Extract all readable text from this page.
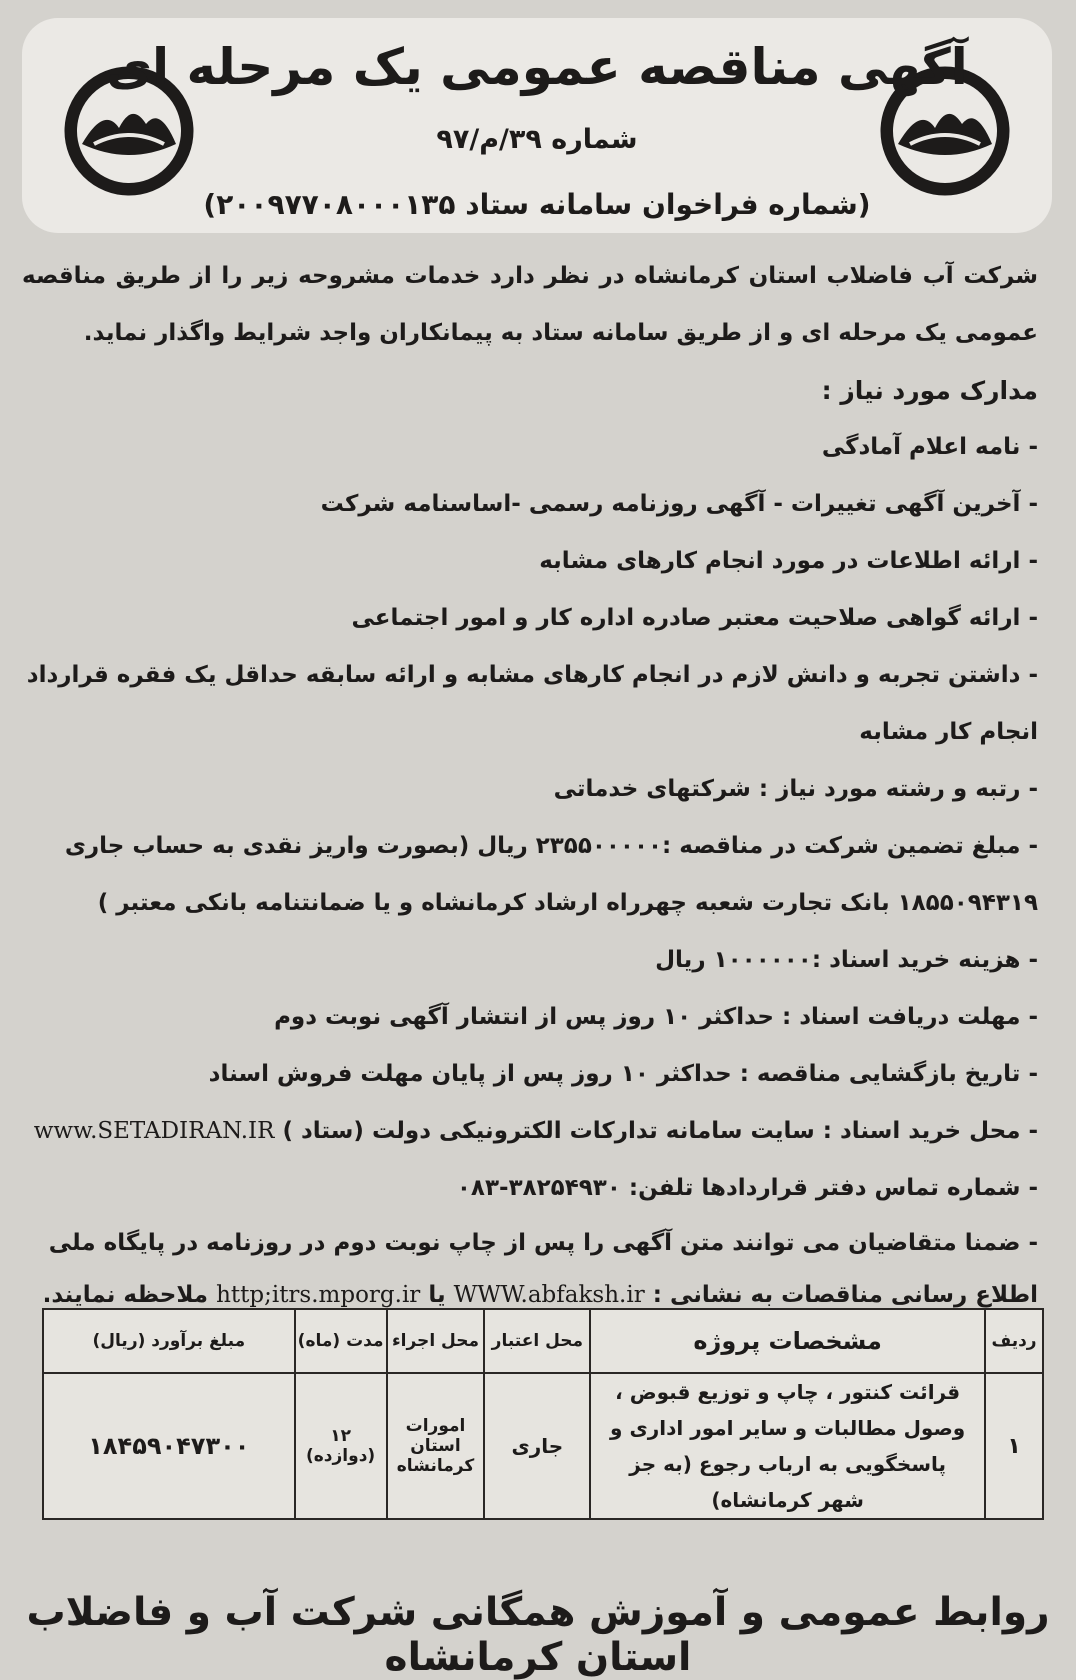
آگهی مناقصه عمومی یک مرحله ای
شماره ۳۹/م/۹۷
(شماره فراخوان سامانه ستاد ۲۰۰۹۷۷۰۸۰۰۰۱۳۵)

شرکت آب فاضلاب استان کرمانشاه در نظر دارد خدمات مشروحه زیر را از طریق مناقصه عمومی یک مرحله ای و از طریق سامانه ستاد به پیمانکاران واجد شرایط واگذار نماید.

مدارک مورد نیاز :

- نامه اعلام آمادگی

- آخرین آگهی تغییرات - آگهی روزنامه رسمی -اساسنامه شرکت

- ارائه اطلاعات در مورد انجام کارهای مشابه

- ارائه گواهی صلاحیت معتبر صادره اداره کار و امور اجتماعی

- داشتن تجربه و دانش لازم در انجام کارهای مشابه و ارائه سابقه حداقل یک فقره قرارداد انجام کار مشابه

- رتبه و رشته مورد نیاز : شرکتهای خدماتی

- مبلغ تضمین شرکت در مناقصه :۲۳۵۵۰۰۰۰۰ ریال (بصورت واریز نقدی به حساب جاری ۱۸۵۵۰۹۴۳۱۹ بانک تجارت شعبه چهرراه ارشاد کرمانشاه و یا ضمانتنامه بانکی معتبر )

- هزینه خرید اسناد :۱۰۰۰۰۰۰ ریال

- مهلت دریافت اسناد : حداکثر ۱۰ روز پس از انتشار آگهی نوبت دوم

- تاریخ بازگشایی مناقصه : حداکثر ۱۰ روز پس از پایان مهلت فروش اسناد

- محل خرید اسناد : سایت سامانه تدارکات الکترونیکی دولت (ستاد ) www.SETADIRAN.IR

- شماره تماس دفتر قراردادها تلفن: ۳۸۲۵۴۹۳۰-۰۸۳

- ضمنا متقاضیان می توانند متن آگهی را پس از چاپ نوبت دوم در روزنامه در پایگاه ملی اطلاع رسانی مناقصات به نشانی : WWW.abfaksh.ir یا http;itrs.mporg.ir ملاحظه نمایند.

ردیف	مشخصات پروژه	محل اعتبار	محل اجراء	مدت (ماه)	مبلغ برآورد (ریال)
۱	قرائت کنتور ، چاپ و توزیع قبوض ، وصول مطالبات و سایر امور اداری و پاسخگویی به ارباب رجوع (به جز شهر کرمانشاه)	جاری	امورات استان کرمانشاه	۱۲ (دوازده)	۱۸۴۵۹۰۴۷۳۰۰
روابط عمومی و آموزش همگانی شرکت آب و فاضلاب استان کرمانشاه
